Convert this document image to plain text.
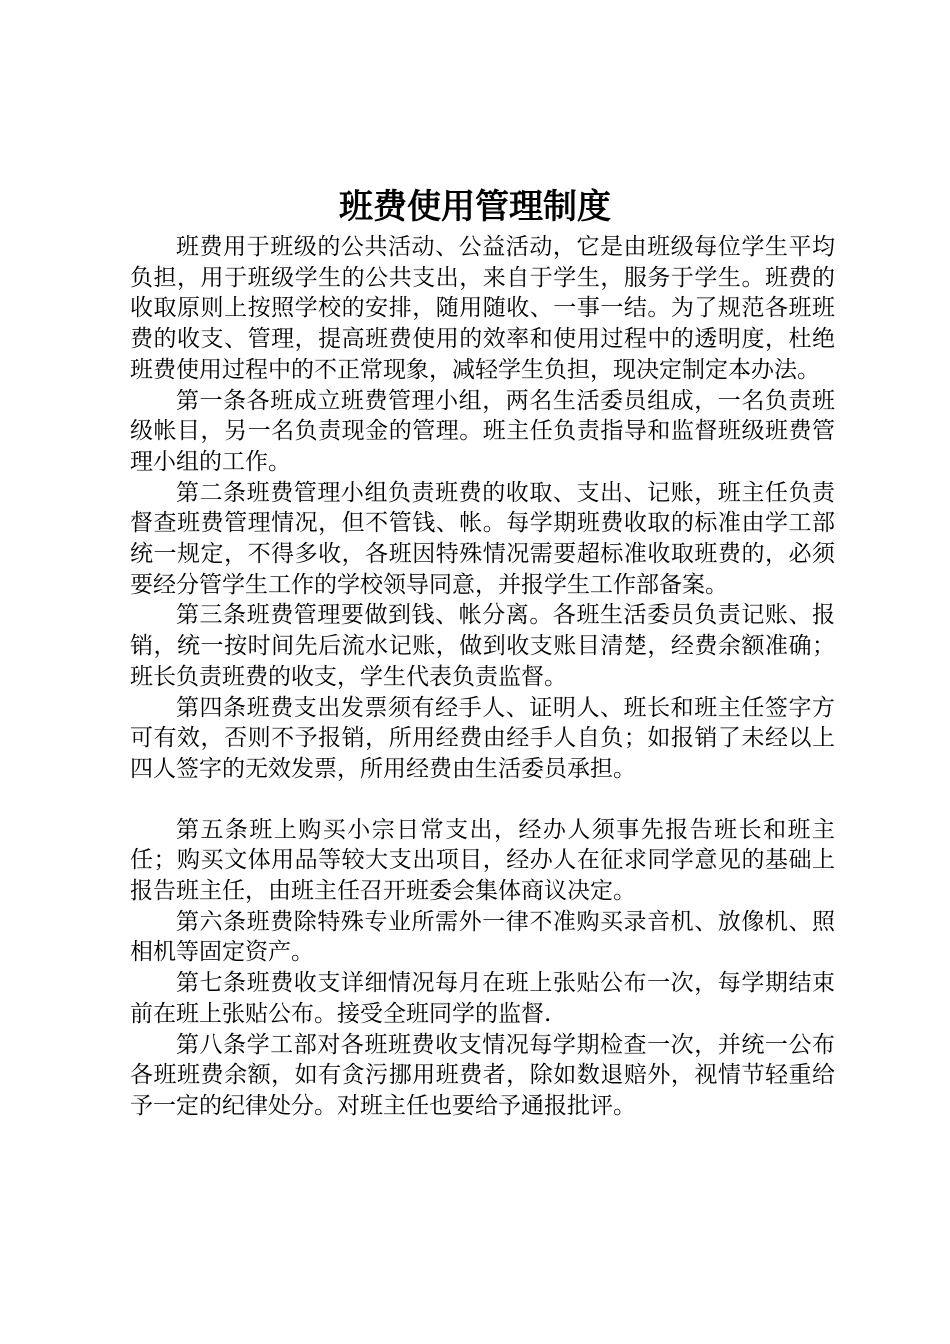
班费使用管理制度

班费用于班级的公共活动、公益活动，它是由班级每位学生平均负担，用于班级学生的公共支出，来自于学生，服务于学生。班费的收取原则上按照学校的安排，随用随收、一事一结。为了规范各班班费的收支、管理，提高班费使用的效率和使用过程中的透明度，杜绝班费使用过程中的不正常现象，减轻学生负担，现决定制定本办法。

第一条各班成立班费管理小组，两名生活委员组成，一名负责班级帐目，另一名负责现金的管理。班主任负责指导和监督班级班费管理小组的工作。

第二条班费管理小组负责班费的收取、支出、记账，班主任负责督查班费管理情况，但不管钱、帐。每学期班费收取的标准由学工部统一规定，不得多收，各班因特殊情况需要超标准收取班费的，必须要经分管学生工作的学校领导同意，并报学生工作部备案。

第三条班费管理要做到钱、帐分离。各班生活委员负责记账、报销，统一按时间先后流水记账，做到收支账目清楚，经费余额准确；班长负责班费的收支，学生代表负责监督。

第四条班费支出发票须有经手人、证明人、班长和班主任签字方可有效，否则不予报销，所用经费由经手人自负；如报销了未经以上四人签字的无效发票，所用经费由生活委员承担。

第五条班上购买小宗日常支出，经办人须事先报告班长和班主任；购买文体用品等较大支出项目，经办人在征求同学意见的基础上报告班主任，由班主任召开班委会集体商议决定。

第六条班费除特殊专业所需外一律不准购买录音机、放像机、照相机等固定资产。

第七条班费收支详细情况每月在班上张贴公布一次，每学期结束前在班上张贴公布。接受全班同学的监督.

第八条学工部对各班班费收支情况每学期检查一次，并统一公布各班班费余额，如有贪污挪用班费者，除如数退赔外，视情节轻重给予一定的纪律处分。对班主任也要给予通报批评。
